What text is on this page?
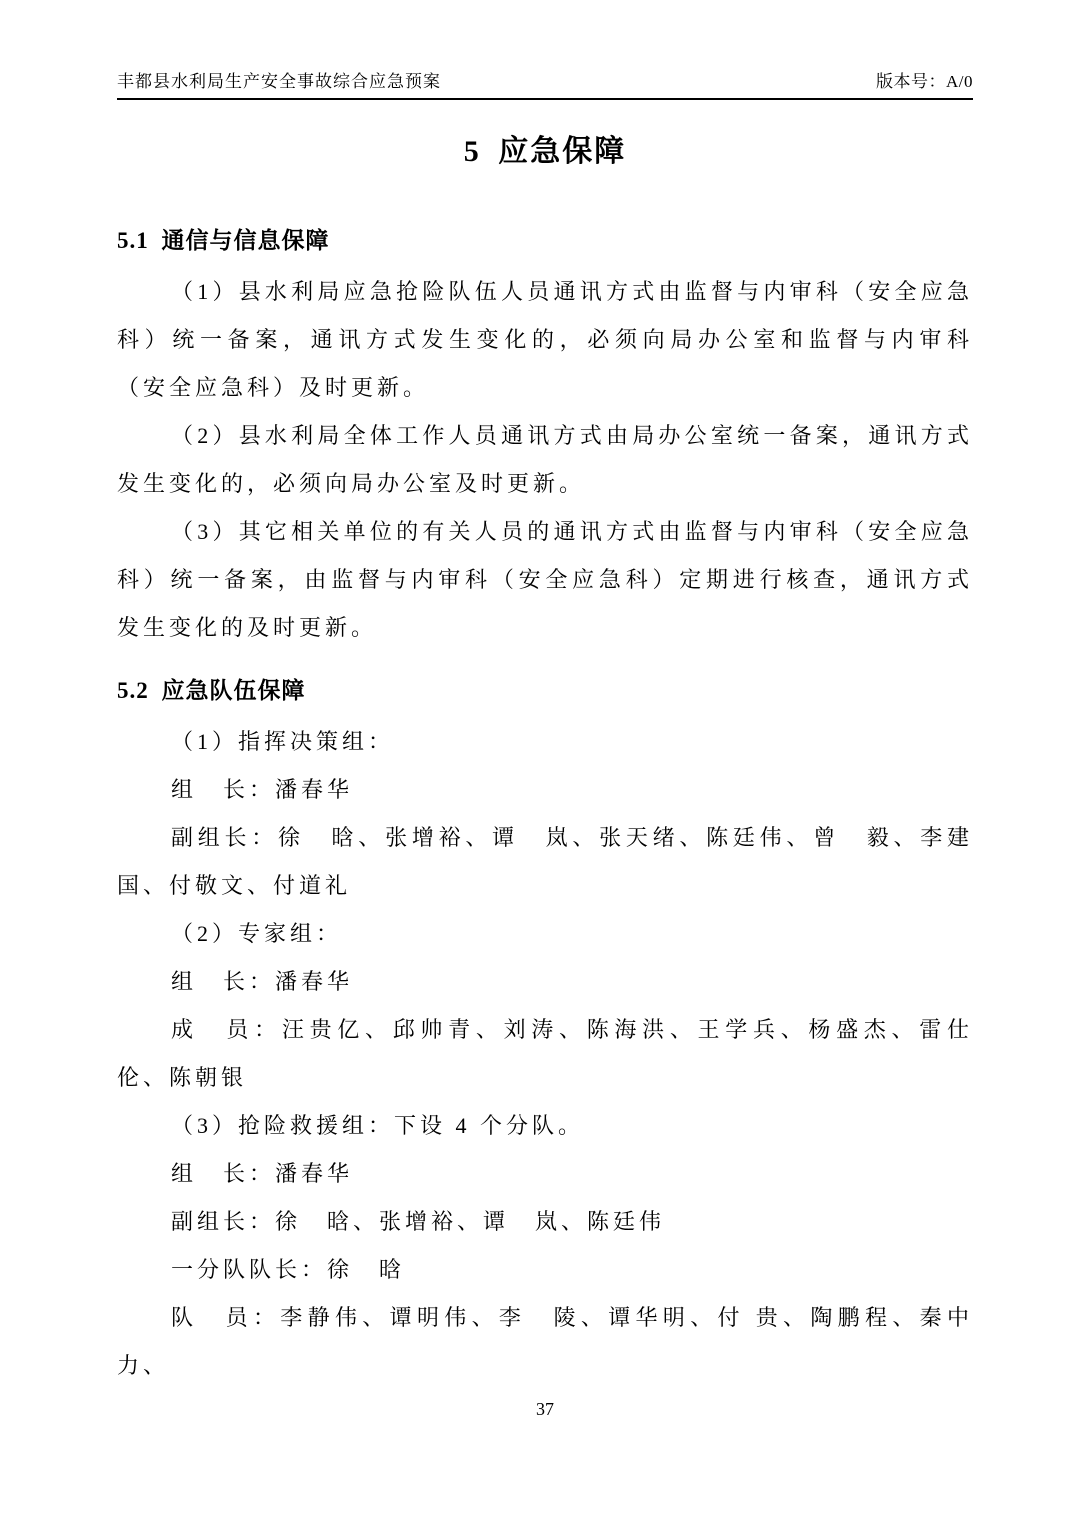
丰都县水利局生产安全事故综合应急预案	版本号：A/0
5 应急保障
5.1 通信与信息保障

（1）县水利局应急抢险队伍人员通讯方式由监督与内审科（安全应急科）统一备案，通讯方式发生变化的，必须向局办公室和监督与内审科（安全应急科）及时更新。

（2）县水利局全体工作人员通讯方式由局办公室统一备案，通讯方式发生变化的，必须向局办公室及时更新。

（3）其它相关单位的有关人员的通讯方式由监督与内审科（安全应急科）统一备案，由监督与内审科（安全应急科）定期进行核查，通讯方式发生变化的及时更新。

5.2 应急队伍保障

（1）指挥决策组：

组　长：潘春华

副组长：徐　晗、张增裕、谭　岚、张天绪、陈廷伟、曾　毅、李建国、付敬文、付道礼

（2）专家组：

组　长：潘春华

成　员：汪贵亿、邱帅青、刘涛、陈海洪、王学兵、杨盛杰、雷仕伦、陈朝银

（3）抢险救援组：下设 4 个分队。

组　长：潘春华

副组长：徐　晗、张增裕、谭　岚、陈廷伟

一分队队长：徐　晗

队　员：李静伟、谭明伟、李　陵、谭华明、付 贵、陶鹏程、秦中力、

37
